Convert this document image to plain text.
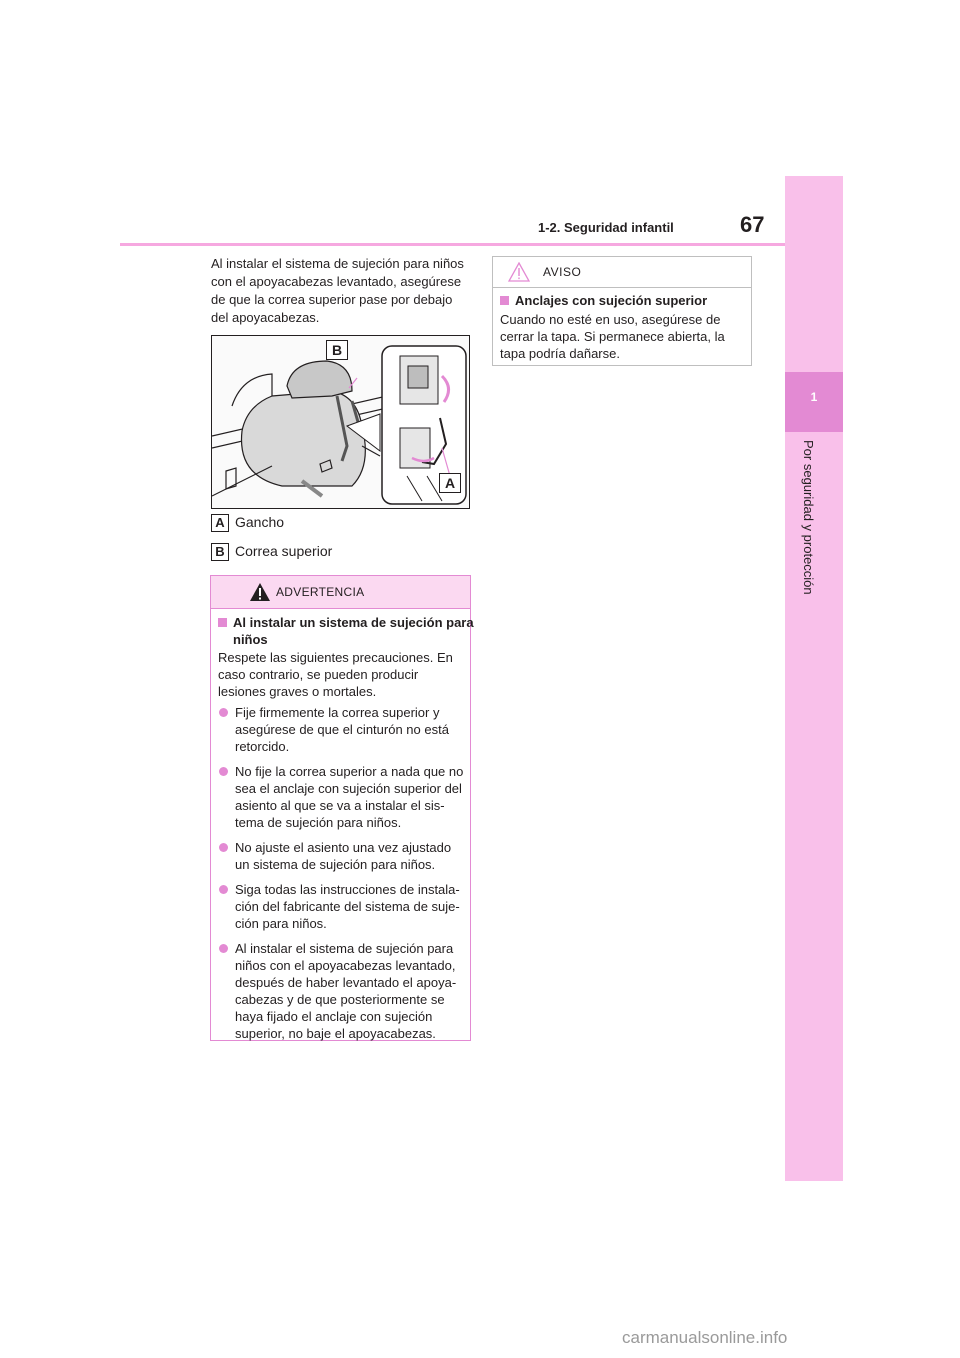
1
Por seguridad y protección
1-2. Seguridad infantil	67
Al instalar el sistema de sujeción para niños con el apoyacabezas levantado, asegúrese de que la correa superior pase por debajo del apoyacabezas.
B
A
A Gancho
B Correa superior
ADVERTENCIA
Al instalar un sistema de sujeción para niños
Respete las siguientes precauciones. En caso contrario, se pueden producir lesiones graves o mortales.
Fije firmemente la correa superior y asegúrese de que el cinturón no está retorcido.
No fije la correa superior a nada que no sea el anclaje con sujeción superior del asiento al que se va a instalar el sis-tema de sujeción para niños.
No ajuste el asiento una vez ajustado un sistema de sujeción para niños.
Siga todas las instrucciones de instala-ción del fabricante del sistema de suje-ción para niños.
Al instalar el sistema de sujeción para niños con el apoyacabezas levantado, después de haber levantado el apoya-cabezas y de que posteriormente se haya fijado el anclaje con sujeción superior, no baje el apoyacabezas.
AVISO
Anclajes con sujeción superior
Cuando no esté en uso, asegúrese de cerrar la tapa. Si permanece abierta, la tapa podría dañarse.
carmanualsonline.info
